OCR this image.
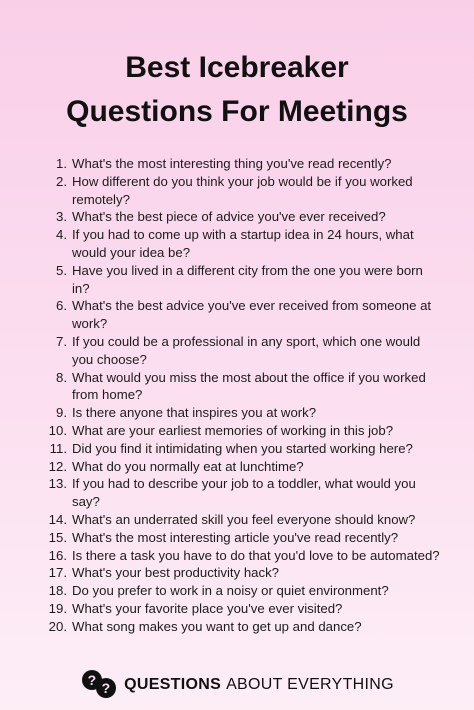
Best Icebreaker
Questions For Meetings
1. What's the most interesting thing you've read recently?
2. How different do you think your job would be if you worked remotely?
3. What's the best piece of advice you've ever received?
4. If you had to come up with a startup idea in 24 hours, what would your idea be?
5. Have you lived in a different city from the one you were born in?
6. What's the best advice you've ever received from someone at work?
7. If you could be a professional in any sport, which one would you choose?
8. What would you miss the most about the office if you worked from home?
9. Is there anyone that inspires you at work?
10. What are your earliest memories of working in this job?
11. Did you find it intimidating when you started working here?
12. What do you normally eat at lunchtime?
13. If you had to describe your job to a toddler, what would you say?
14. What's an underrated skill you feel everyone should know?
15. What's the most interesting article you've read recently?
16. Is there a task you have to do that you'd love to be automated?
17. What's your best productivity hack?
18. Do you prefer to work in a noisy or quiet environment?
19. What's your favorite place you've ever visited?
20. What song makes you want to get up and dance?
? ? QUESTIONS ABOUT EVERYTHING
